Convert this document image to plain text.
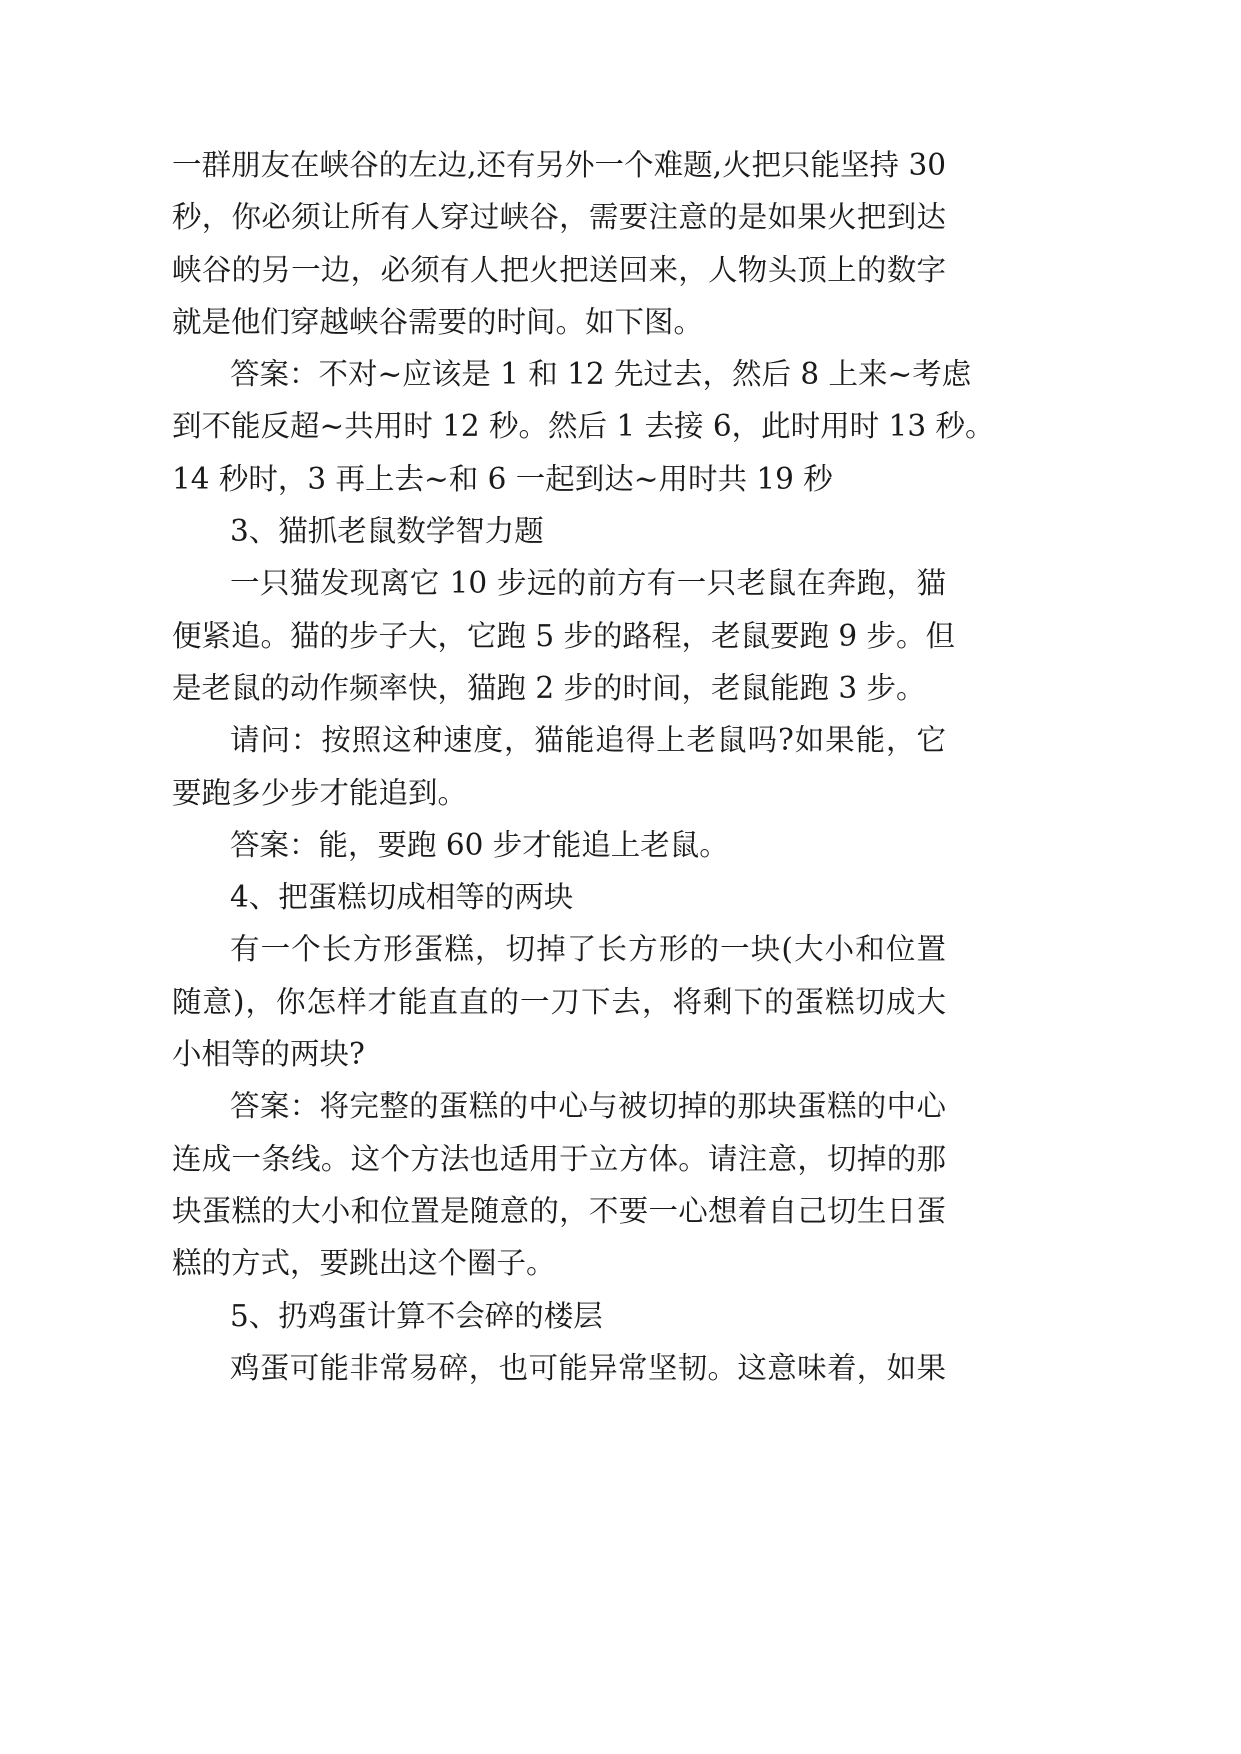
一群朋友在峡谷的左边,还有另外一个难题,火把只能坚持 30
秒，你必须让所有人穿过峡谷，需要注意的是如果火把到达
峡谷的另一边，必须有人把火把送回来，人物头顶上的数字
就是他们穿越峡谷需要的时间。如下图。
答案：不对~应该是 1 和 12 先过去，然后 8 上来~考虑
到不能反超~共用时 12 秒。然后 1 去接 6，此时用时 13 秒。
14 秒时，3 再上去~和 6 一起到达~用时共 19 秒
3、猫抓老鼠数学智力题
一只猫发现离它 10 步远的前方有一只老鼠在奔跑，猫
便紧追。猫的步子大，它跑 5 步的路程，老鼠要跑 9 步。但
是老鼠的动作频率快，猫跑 2 步的时间，老鼠能跑 3 步。
请问：按照这种速度，猫能追得上老鼠吗?如果能，它
要跑多少步才能追到。
答案：能，要跑 60 步才能追上老鼠。
4、把蛋糕切成相等的两块
有一个长方形蛋糕，切掉了长方形的一块(大小和位置
随意)，你怎样才能直直的一刀下去，将剩下的蛋糕切成大
小相等的两块?
答案：将完整的蛋糕的中心与被切掉的那块蛋糕的中心
连成一条线。这个方法也适用于立方体。请注意，切掉的那
块蛋糕的大小和位置是随意的，不要一心想着自己切生日蛋
糕的方式，要跳出这个圈子。
5、扔鸡蛋计算不会碎的楼层
鸡蛋可能非常易碎，也可能异常坚韧。这意味着，如果
